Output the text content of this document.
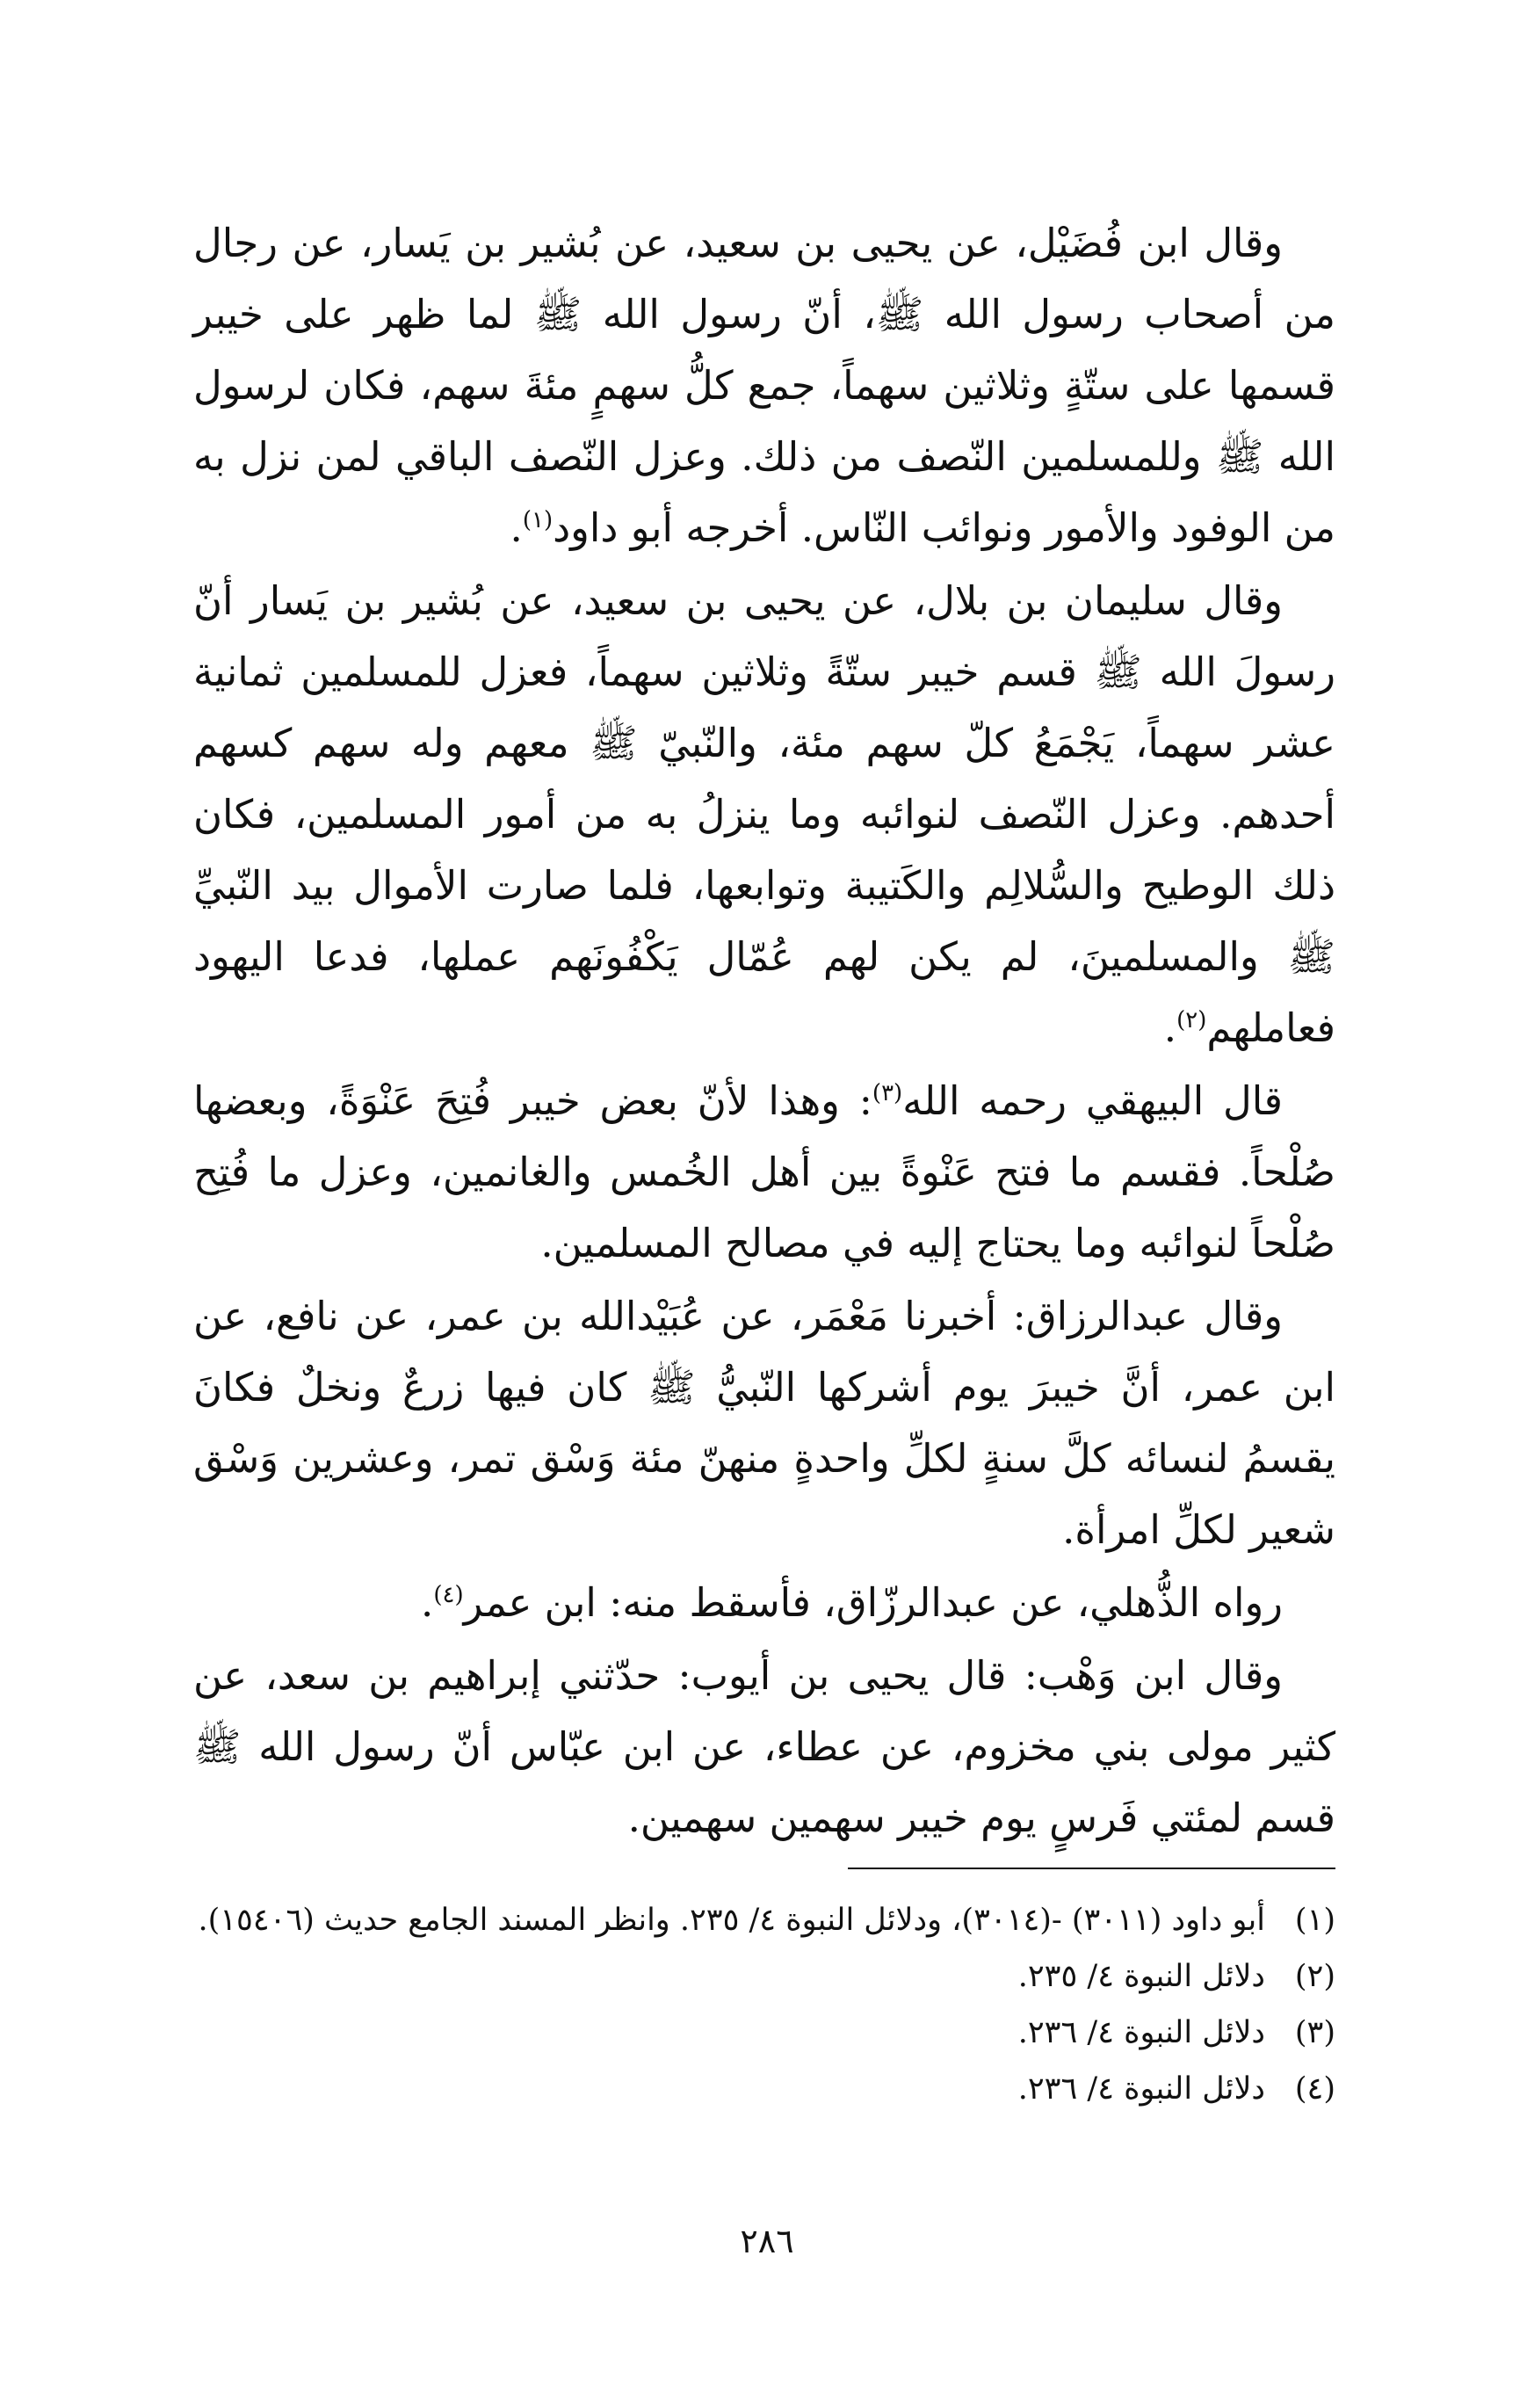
وقال ابن فُضَيْل، عن يحيى بن سعيد، عن بُشير بن يَسار، عن رجال من أصحاب رسول الله ﷺ، أنّ رسول الله ﷺ لما ظهر على خيبر قسمها على ستّةٍ وثلاثين سهماً، جمع كلُّ سهمٍ مئةَ سهم، فكان لرسول الله ﷺ وللمسلمين النّصف من ذلك. وعزل النّصف الباقي لمن نزل به من الوفود والأمور ونوائب النّاس. أخرجه أبو داود$^{(١)}$.

وقال سليمان بن بلال، عن يحيى بن سعيد، عن بُشير بن يَسار أنّ رسولَ الله ﷺ قسم خيبر ستّةً وثلاثين سهماً، فعزل للمسلمين ثمانية عشر سهماً، يَجْمَعُ كلّ سهم مئة، والنّبيّ ﷺ معهم وله سهم كسهم أحدهم. وعزل النّصف لنوائبه وما ينزلُ به من أمور المسلمين، فكان ذلك الوطيح والسُّلالِم والكَتيبة وتوابعها، فلما صارت الأموال بيد النّبيِّ ﷺ والمسلمينَ، لم يكن لهم عُمّال يَكْفُونَهم عملها، فدعا اليهود فعاملهم$^{(٢)}$.

قال البيهقي رحمه الله$^{(٣)}$: وهذا لأنّ بعض خيبر فُتِحَ عَنْوَةً، وبعضها صُلْحاً. فقسم ما فتح عَنْوةً بين أهل الخُمس والغانمين، وعزل ما فُتِح صُلْحاً لنوائبه وما يحتاج إليه في مصالح المسلمين.

وقال عبدالرزاق: أخبرنا مَعْمَر، عن عُبَيْدالله بن عمر، عن نافع، عن ابن عمر، أنَّ خيبرَ يوم أشركها النّبيُّ ﷺ كان فيها زرعٌ ونخلٌ فكانَ يقسمُ لنسائه كلَّ سنةٍ لكلِّ واحدةٍ منهنّ مئة وَسْق تمر، وعشرين وَسْق شعير لكلِّ امرأة.

رواه الذُّهلي، عن عبدالرزّاق، فأسقط منه: ابن عمر$^{(٤)}$.

وقال ابن وَهْب: قال يحيى بن أيوب: حدّثني إبراهيم بن سعد، عن كثير مولى بني مخزوم، عن عطاء، عن ابن عبّاس أنّ رسول الله ﷺ قسم لمئتي فَرسٍ يوم خيبر سهمين سهمين.

(١)
أبو داود (٣٠١١) -(٣٠١٤)، ودلائل النبوة ٤/ ٢٣٥. وانظر المسند الجامع حديث (١٥٤٠٦).
(٢)
دلائل النبوة ٤/ ٢٣٥.
(٣)
دلائل النبوة ٤/ ٢٣٦.
(٤)
دلائل النبوة ٤/ ٢٣٦.
٢٨٦
